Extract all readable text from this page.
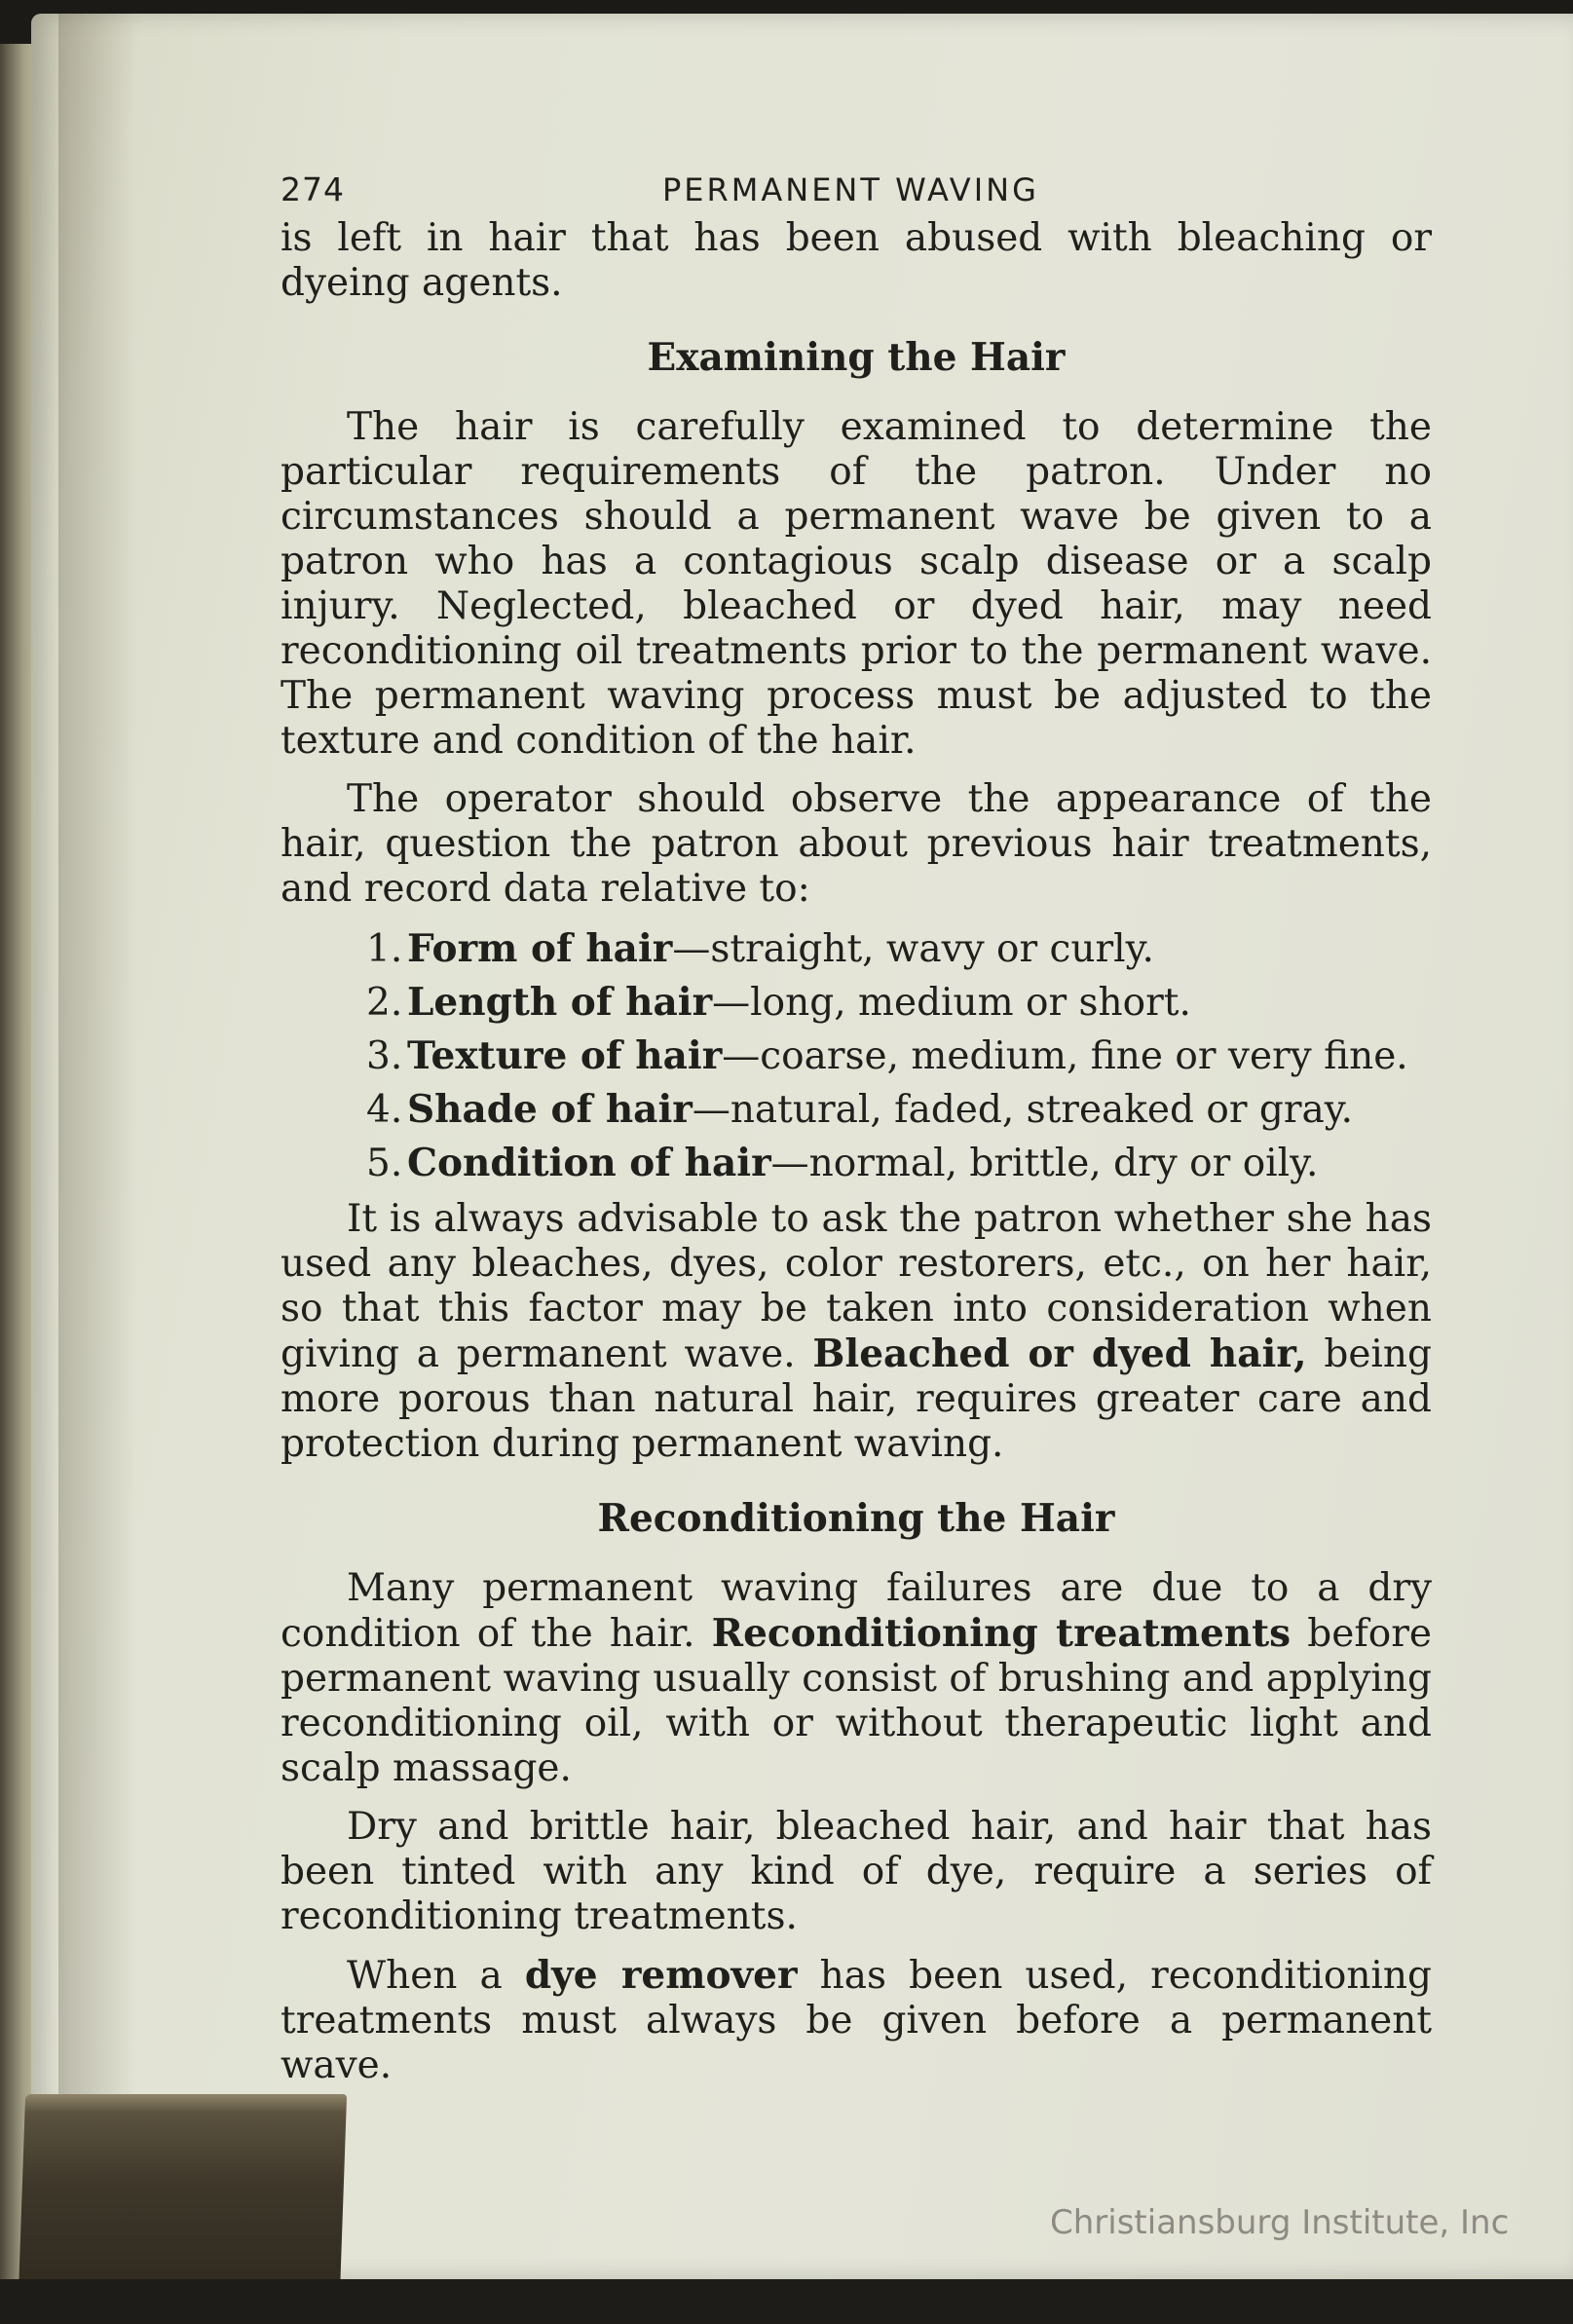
274	PERMANENT WAVING

is left in hair that has been abused with bleaching or dyeing agents.

Examining the Hair

The hair is carefully examined to determine the particular requirements of the patron. Under no circumstances should a permanent wave be given to a patron who has a contagious scalp disease or a scalp injury. Neglected, bleached or dyed hair, may need reconditioning oil treatments prior to the permanent wave. The permanent waving process must be adjusted to the texture and condition of the hair.

The operator should observe the appearance of the hair, question the patron about previous hair treatments, and record data relative to:

1. Form of hair—straight, wavy or curly.
2. Length of hair—long, medium or short.
3. Texture of hair—coarse, medium, fine or very fine.
4. Shade of hair—natural, faded, streaked or gray.
5. Condition of hair—normal, brittle, dry or oily.

It is always advisable to ask the patron whether she has used any bleaches, dyes, color restorers, etc., on her hair, so that this factor may be taken into consideration when giving a permanent wave. Bleached or dyed hair, being more porous than natural hair, requires greater care and protection during permanent waving.

Reconditioning the Hair

Many permanent waving failures are due to a dry condition of the hair. Reconditioning treatments before permanent waving usually consist of brushing and applying reconditioning oil, with or without therapeutic light and scalp massage.

Dry and brittle hair, bleached hair, and hair that has been tinted with any kind of dye, require a series of reconditioning treatments.

When a dye remover has been used, reconditioning treatments must always be given before a permanent wave.

Christiansburg Institute, Inc
